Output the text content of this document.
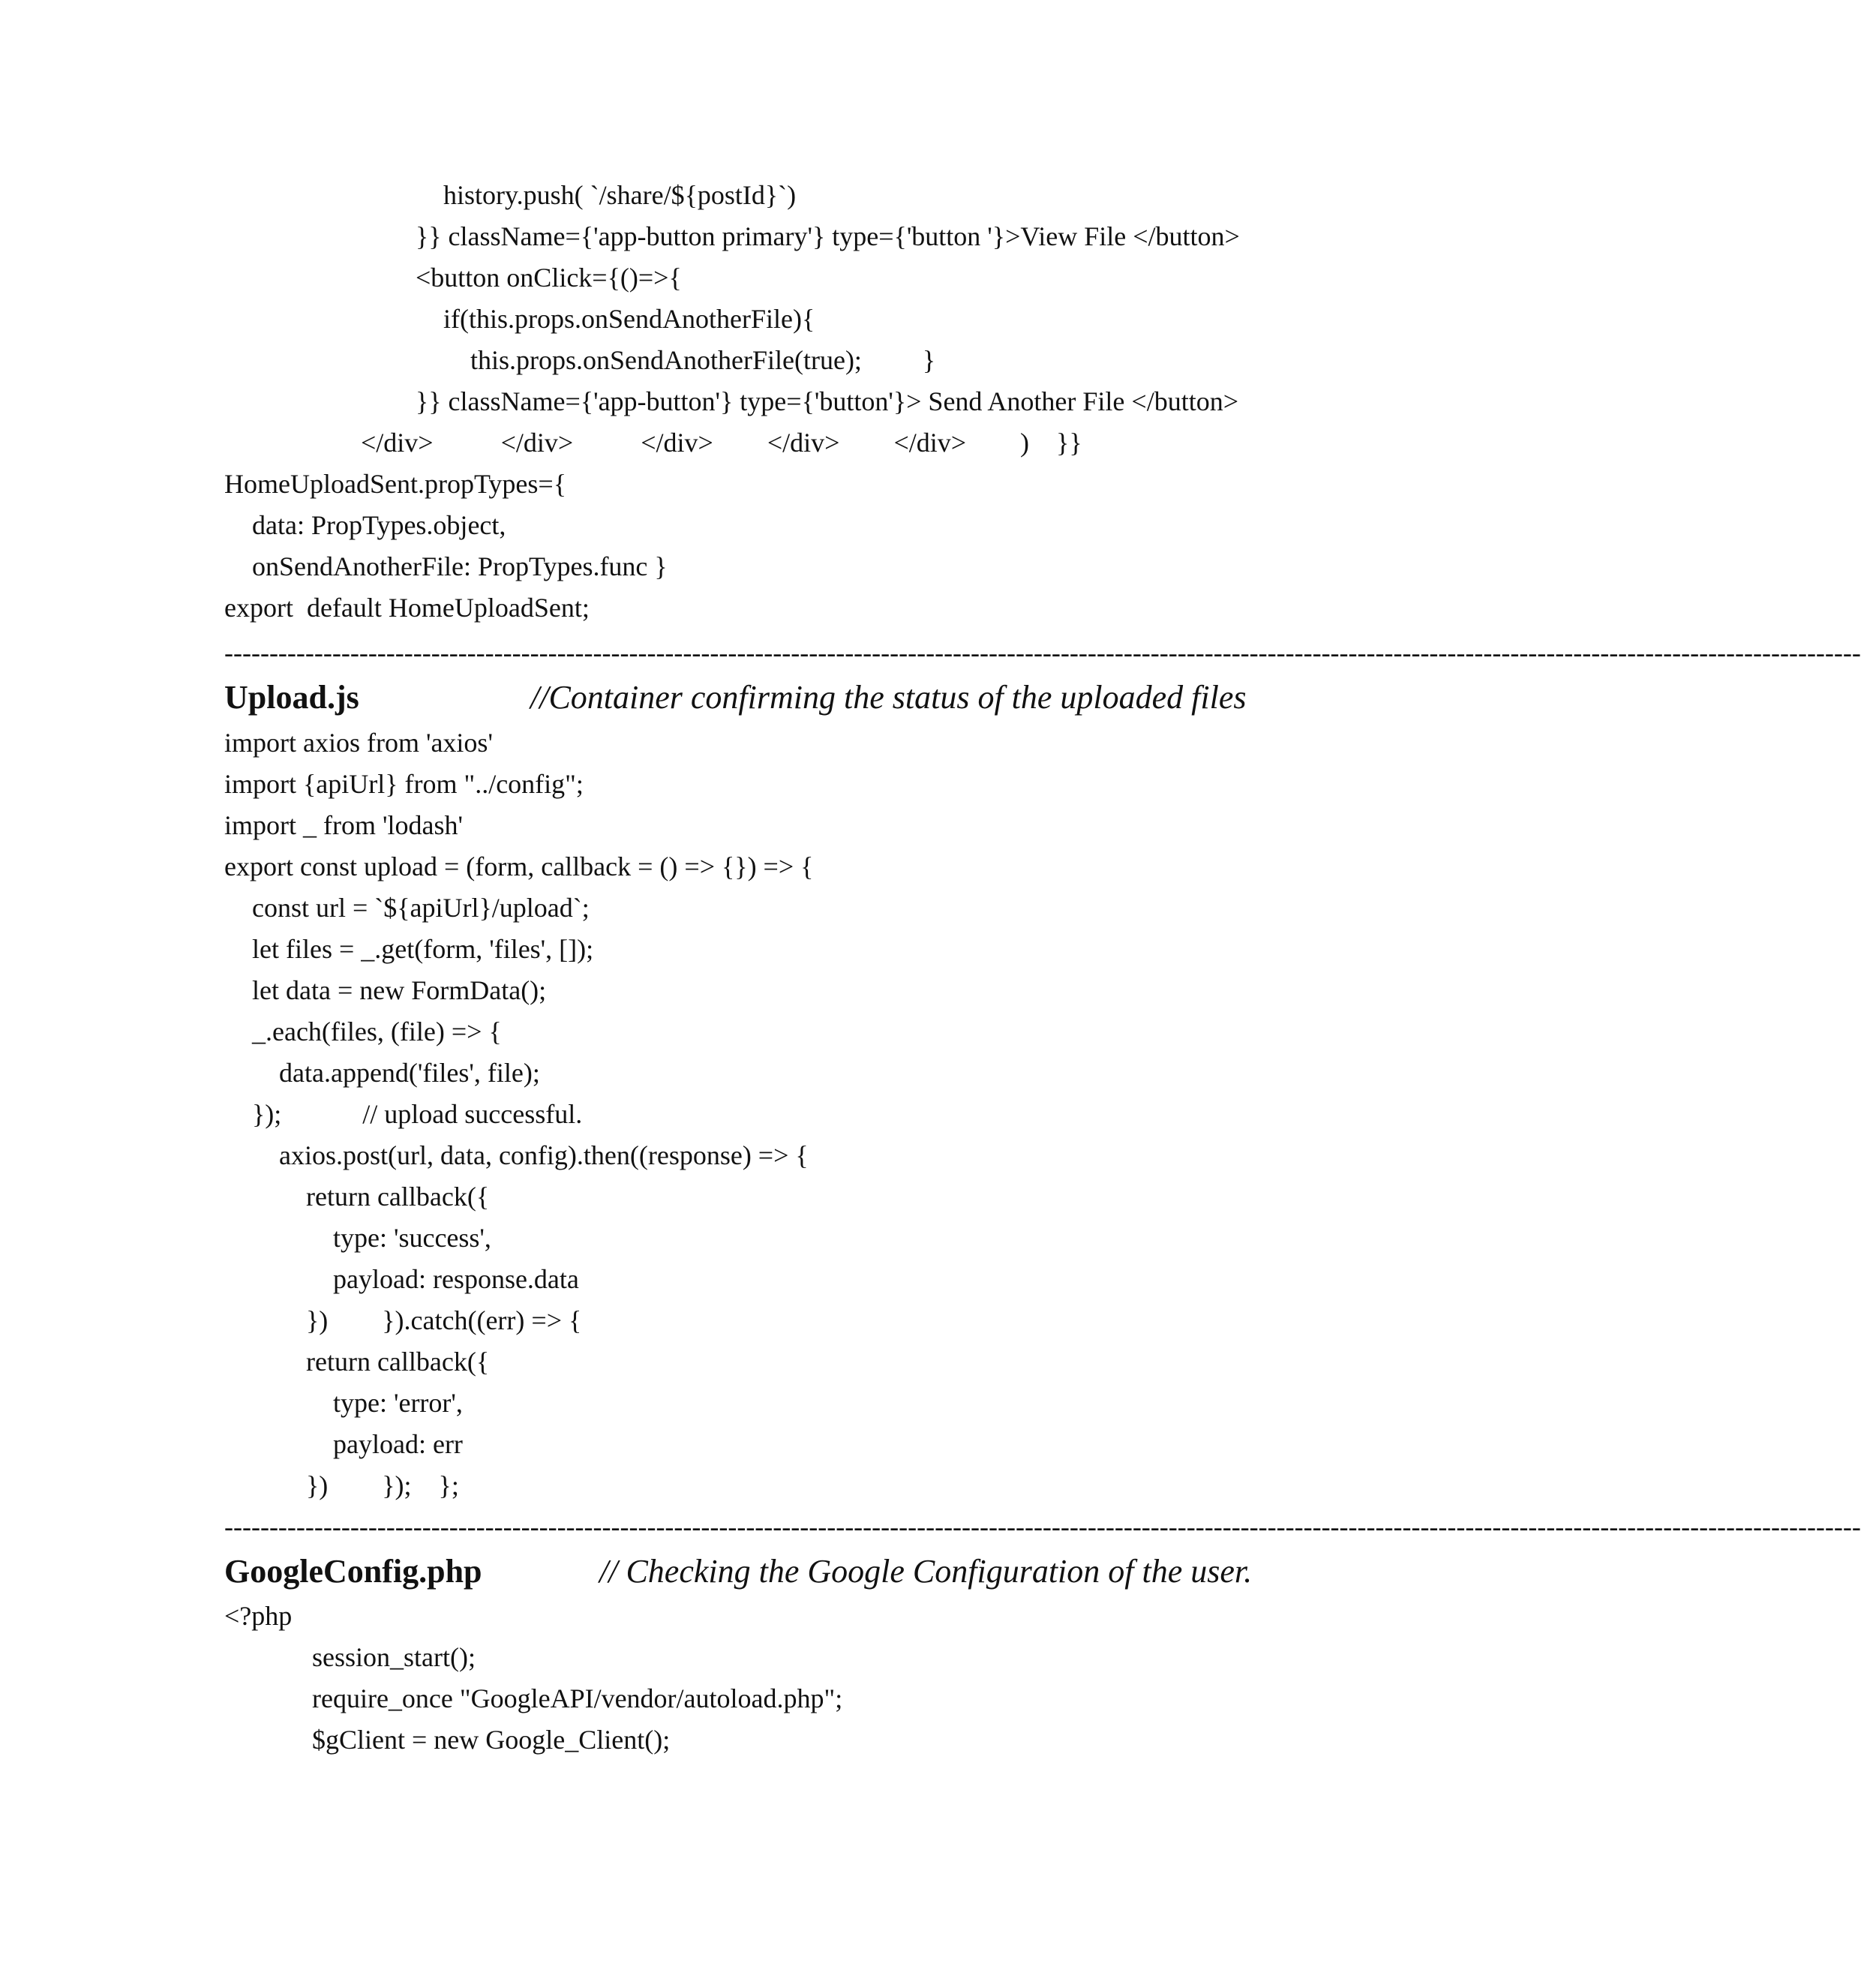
history.push( `/share/${postId}`)
}} className={'app-button primary'} type={'button '}>View File </button>
<button onClick={()=>{
if(this.props.onSendAnotherFile){
this.props.onSendAnotherFile(true);         }
}} className={'app-button'} type={'button'}> Send Another File </button>
</div>          </div>          </div>        </div>        </div>        )    }}
HomeUploadSent.propTypes={
data: PropTypes.object,
onSendAnotherFile: PropTypes.func }
export  default HomeUploadSent;
--------------------------------------------------------------------------------------------------------------------------------------------------------------------------------------
Upload.js	//Container confirming the status of the uploaded files
import axios from 'axios'
import {apiUrl} from "../config";
import _ from 'lodash'
export const upload = (form, callback = () => {}) => {
const url = `${apiUrl}/upload`;
let files = _.get(form, 'files', []);
let data = new FormData();
_.each(files, (file) => {
data.append('files', file);
});            // upload successful.
axios.post(url, data, config).then((response) => {
return callback({
type: 'success',
payload: response.data
})        }).catch((err) => {
return callback({
type: 'error',
payload: err
})        });    };
--------------------------------------------------------------------------------------------------------------------------------------------------------------------------------------
GoogleConfig.php	// Checking the Google Configuration of the user.
<?php
session_start();
require_once "GoogleAPI/vendor/autoload.php";
$gClient = new Google_Client();
